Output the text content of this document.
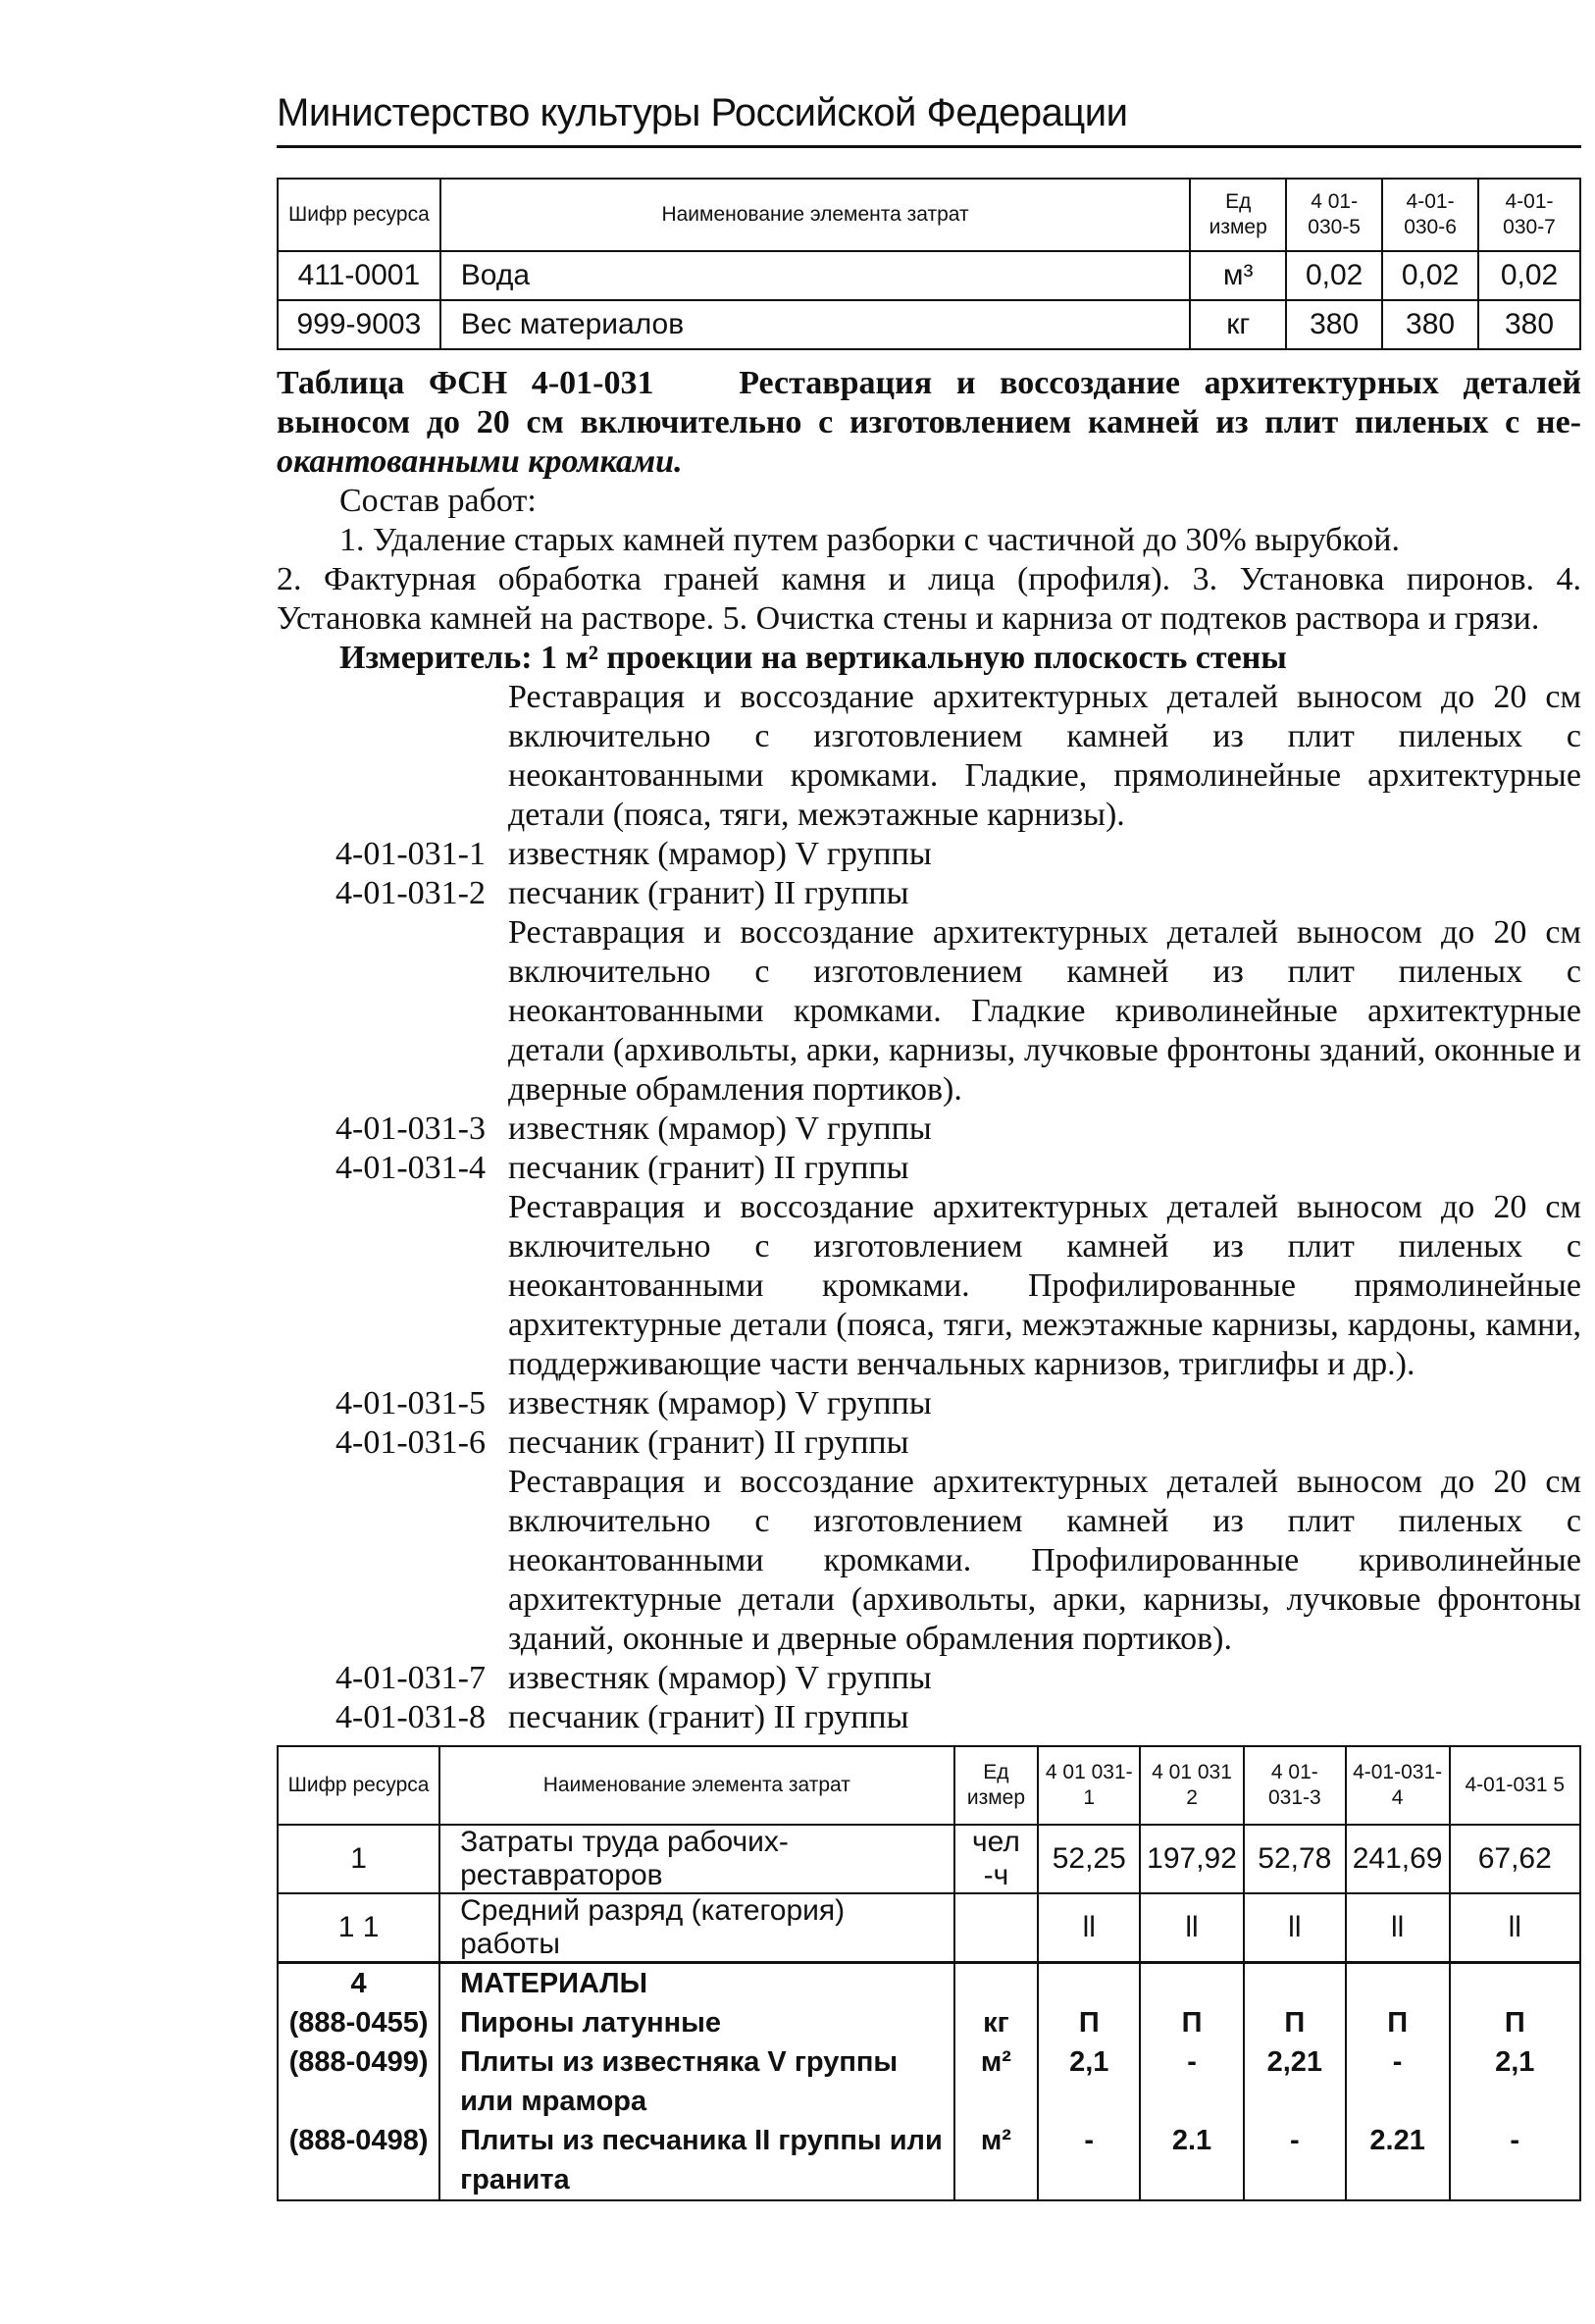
Министерство культуры Российской Федерации
Шифр ресурса	Наименование элемента затрат	Ед измер	4 01-030-5	4-01-030-6	4-01-030-7
411-0001	Вода	м³	0,02	0,02	0,02
999-9003	Вес материалов	кг	380	380	380
Таблица ФСН 4-01-031	Реставрация и воссоздание архитектурных деталей выносом до 20 см включительно с изготовлением камней из плит пиленых с не- окантованными кромками.
Состав работ:
1. Удаление старых камней путем разборки с частичной до 30% вырубкой.
2. Фактурная обработка граней камня и лица (профиля). 3. Установка пиронов. 4. Установка камней на растворе. 5. Очистка стены и карниза от подтеков раствора и грязи.
Измеритель: 1 м² проекции на вертикальную плоскость стены
Реставрация и воссоздание архитектурных деталей выносом до 20 см включительно с изготовлением камней из плит пиленых с неокантованными кромками. Гладкие, прямолинейные архитектурные детали (пояса, тяги, межэтажные карнизы).
4-01-031-1 известняк (мрамор) V группы
4-01-031-2 песчаник (гранит) II группы
Реставрация и воссоздание архитектурных деталей выносом до 20 см включительно с изготовлением камней из плит пиленых с неокантованными кромками. Гладкие криволинейные архитектурные детали (архивольты, арки, карнизы, лучковые фронтоны зданий, оконные и дверные обрамления портиков).
4-01-031-3 известняк (мрамор) V группы
4-01-031-4 песчаник (гранит) II группы
Реставрация и воссоздание архитектурных деталей выносом до 20 см включительно с изготовлением камней из плит пиленых с неокантованными кромками. Профилированные прямолинейные архитектурные детали (пояса, тяги, межэтажные карнизы, кардоны, камни, поддерживающие части венчальных карнизов, триглифы и др.).
4-01-031-5 известняк (мрамор) V группы
4-01-031-6 песчаник (гранит) II группы
Реставрация и воссоздание архитектурных деталей выносом до 20 см включительно с изготовлением камней из плит пиленых с неокантованными кромками. Профилированные криволинейные архитектурные детали (архивольты, арки, карнизы, лучковые фронтоны зданий, оконные и дверные обрамления портиков).
4-01-031-7 известняк (мрамор) V группы
4-01-031-8 песчаник (гранит) II группы
Шифр ресурса	Наименование элемента затрат	Ед измер	4 01 031-1	4 01 031 2	4 01-031-3	4-01-031-4	4-01-031 5
1	Затраты труда рабочих-реставраторов	чел -ч	52,25	197,92	52,78	241,69	67,62
1 1	Средний разряд (категория) работы		ll	ll	ll	ll	ll
4	МАТЕРИАЛЫ						
(888-0455)	Пироны латунные	кг	П	П	П	П	П
(888-0499)	Плиты из известняка V группы или мрамора	м²	2,1	-	2,21	-	2,1
(888-0498)	Плиты из песчаника II группы или гранита	м²	-	2.1	-	2.21	-
